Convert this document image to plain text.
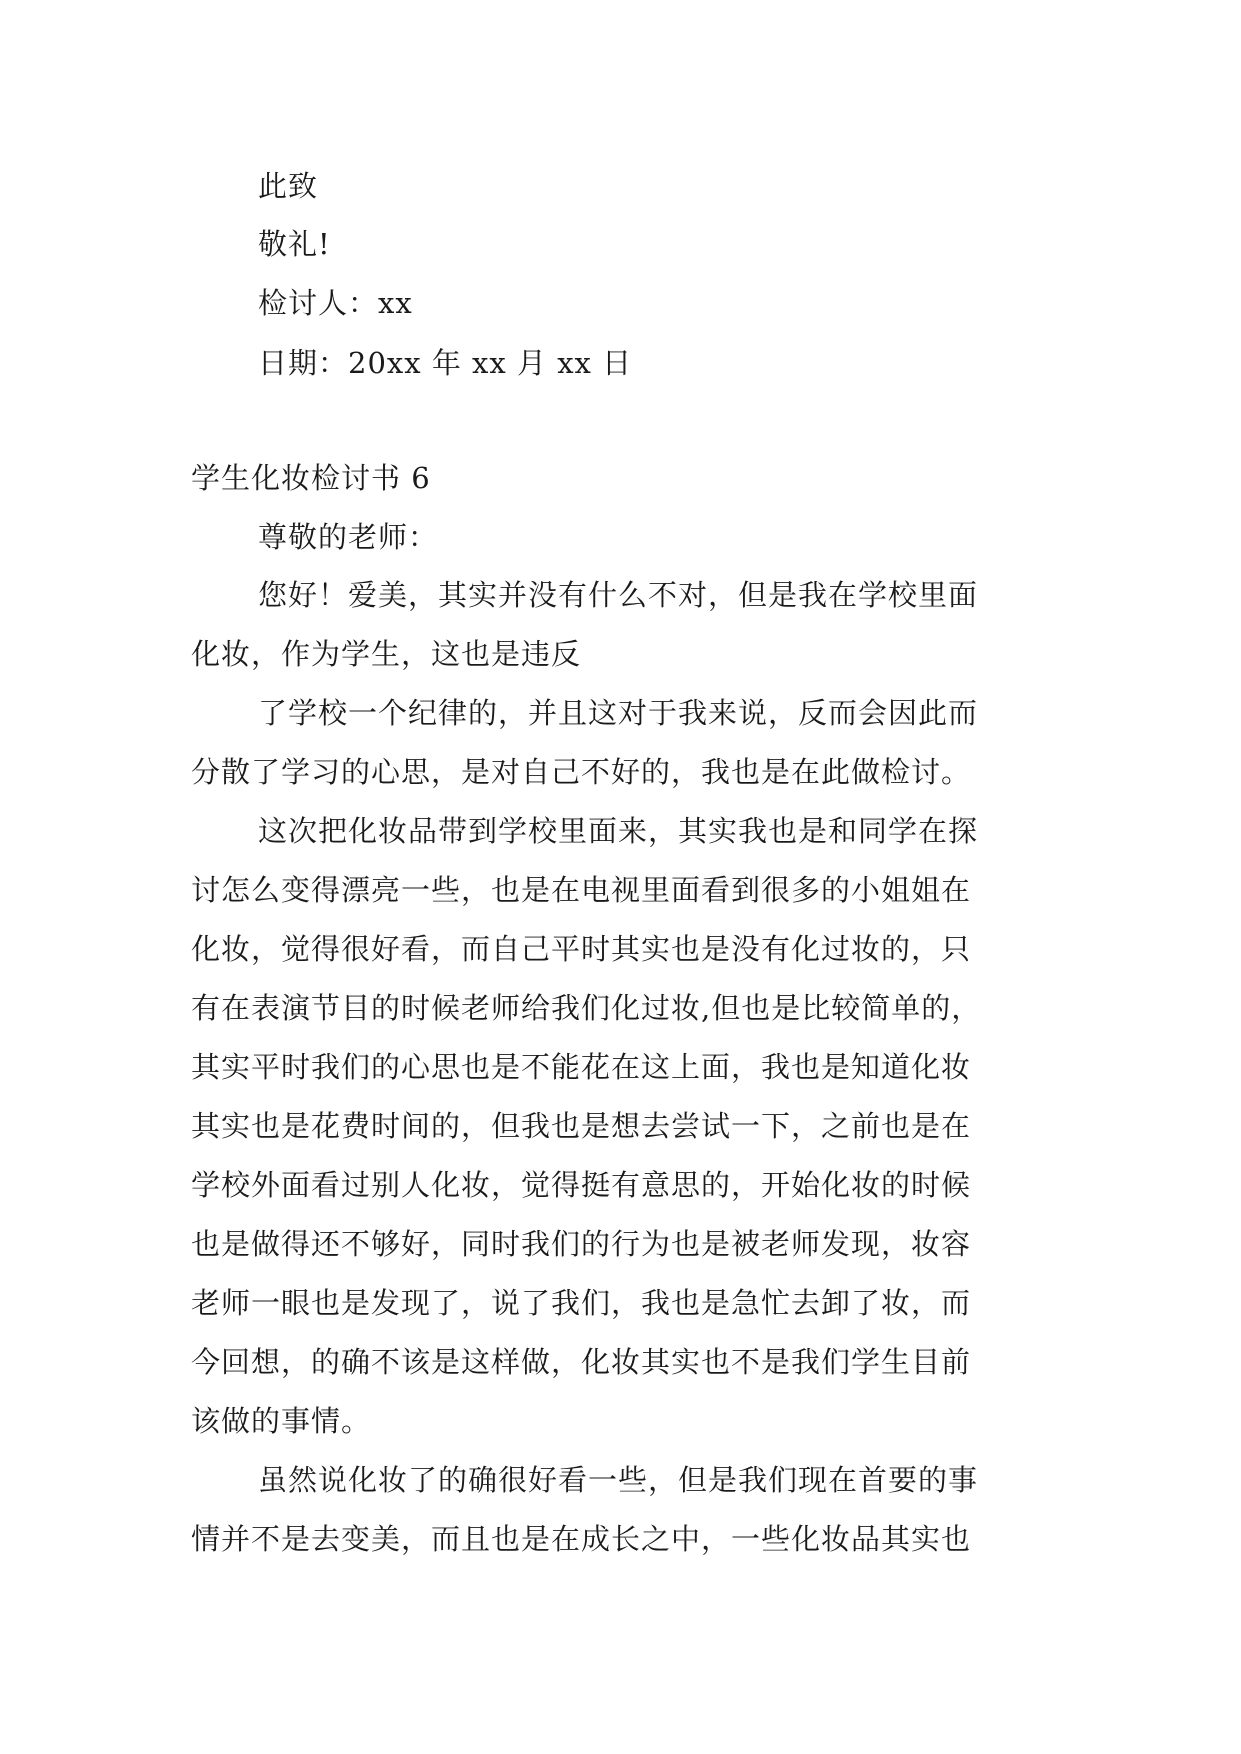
此致
敬礼!
检讨人：xx
日期：20xx 年 xx 月 xx 日
学生化妆检讨书 6
尊敬的老师：
您好！爱美，其实并没有什么不对，但是我在学校里面
化妆，作为学生，这也是违反
了学校一个纪律的，并且这对于我来说，反而会因此而
分散了学习的心思，是对自己不好的，我也是在此做检讨。
这次把化妆品带到学校里面来，其实我也是和同学在探
讨怎么变得漂亮一些，也是在电视里面看到很多的小姐姐在
化妆，觉得很好看，而自己平时其实也是没有化过妆的，只
有在表演节目的时候老师给我们化过妆,但也是比较简单的，
其实平时我们的心思也是不能花在这上面，我也是知道化妆
其实也是花费时间的，但我也是想去尝试一下，之前也是在
学校外面看过别人化妆，觉得挺有意思的，开始化妆的时候
也是做得还不够好，同时我们的行为也是被老师发现，妆容
老师一眼也是发现了，说了我们，我也是急忙去卸了妆，而
今回想，的确不该是这样做，化妆其实也不是我们学生目前
该做的事情。
虽然说化妆了的确很好看一些，但是我们现在首要的事
情并不是去变美，而且也是在成长之中，一些化妆品其实也
